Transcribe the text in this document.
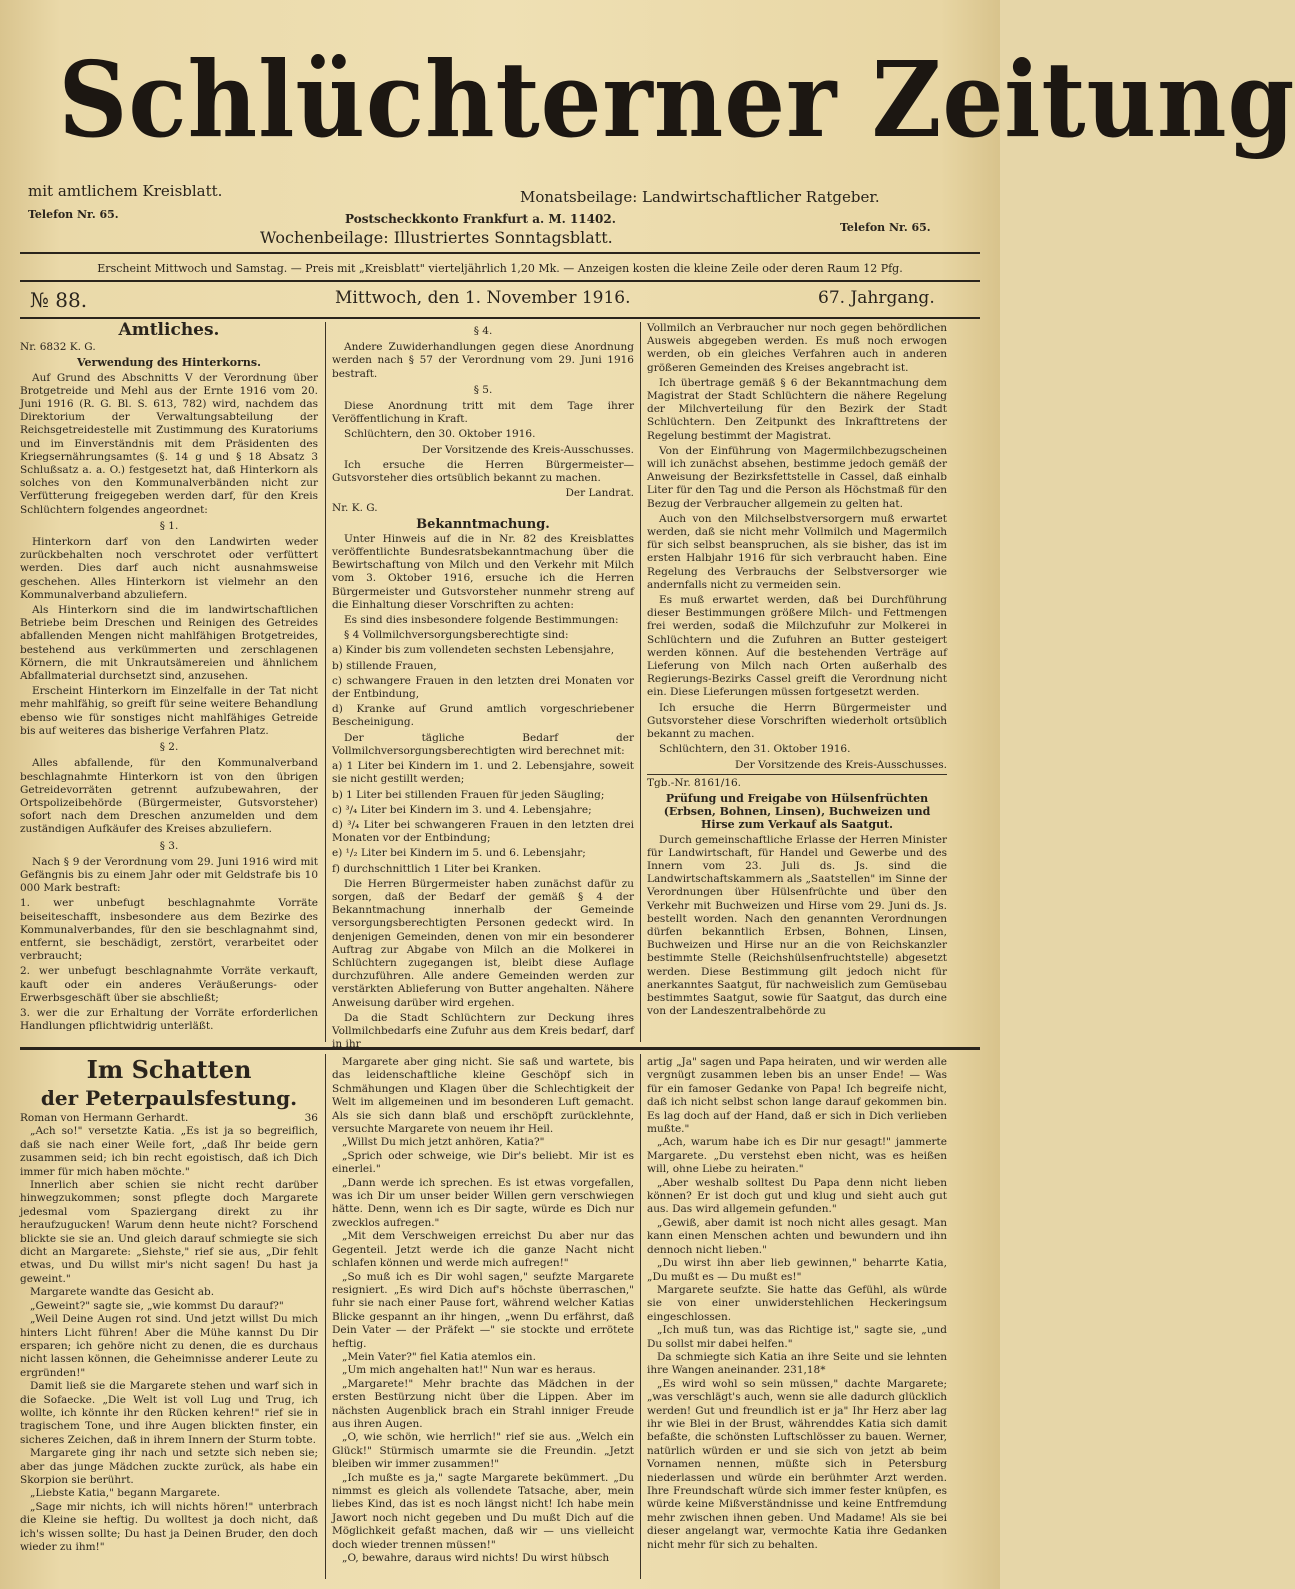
Schlüchterner Zeitung
mit amtlichem Kreisblatt.
Telefon Nr. 65.
Monatsbeilage: Landwirtschaftlicher Ratgeber.
Postscheckkonto Frankfurt a. M. 11402.
Telefon Nr. 65.
Wochenbeilage: Illustriertes Sonntagsblatt.
Erscheint Mittwoch und Samstag. — Preis mit „Kreisblatt" vierteljährlich 1,20 Mk. — Anzeigen kosten die kleine Zeile oder deren Raum 12 Pfg.
№ 88.	Mittwoch, den 1. November 1916.	67. Jahrgang.

Amtliches.

Nr. 6832 K. G.

Verwendung des Hinterkorns.

Auf Grund des Abschnitts V der Verordnung über Brotgetreide und Mehl aus der Ernte 1916 vom 20. Juni 1916 (R. G. Bl. S. 613, 782) wird, nachdem das Direktorium der Verwaltungsabteilung der Reichsgetreidestelle mit Zustimmung des Kuratoriums und im Einverständnis mit dem Präsidenten des Kriegsernährungsamtes (§. 14 g und § 18 Absatz 3 Schlußsatz a. a. O.) festgesetzt hat, daß Hinterkorn als solches von den Kommunalverbänden nicht zur Verfütterung freigegeben werden darf, für den Kreis Schlüchtern folgendes angeordnet:

§ 1.

Hinterkorn darf von den Landwirten weder zurückbehalten noch verschrotet oder verfüttert werden. Dies darf auch nicht ausnahmsweise geschehen. Alles Hinterkorn ist vielmehr an den Kommunalverband abzuliefern.

Als Hinterkorn sind die im landwirtschaftlichen Betriebe beim Dreschen und Reinigen des Getreides abfallenden Mengen nicht mahlfähigen Brotgetreides, bestehend aus verkümmerten und zerschlagenen Körnern, die mit Unkrautsämereien und ähnlichem Abfallmaterial durchsetzt sind, anzusehen.

Erscheint Hinterkorn im Einzelfalle in der Tat nicht mehr mahlfähig, so greift für seine weitere Behandlung ebenso wie für sonstiges nicht mahlfähiges Getreide bis auf weiteres das bisherige Verfahren Platz.

§ 2.

Alles abfallende, für den Kommunalverband beschlagnahmte Hinterkorn ist von den übrigen Getreidevorräten getrennt aufzubewahren, der Ortspolizeibehörde (Bürgermeister, Gutsvorsteher) sofort nach dem Dreschen anzumelden und dem zuständigen Aufkäufer des Kreises abzuliefern.

§ 3.

Nach § 9 der Verordnung vom 29. Juni 1916 wird mit Gefängnis bis zu einem Jahr oder mit Geldstrafe bis 10 000 Mark bestraft:

1. wer unbefugt beschlagnahmte Vorräte beiseiteschafft, insbesondere aus dem Bezirke des Kommunalverbandes, für den sie beschlagnahmt sind, entfernt, sie beschädigt, zerstört, verarbeitet oder verbraucht;

2. wer unbefugt beschlagnahmte Vorräte verkauft, kauft oder ein anderes Veräußerungs- oder Erwerbsgeschäft über sie abschließt;

3. wer die zur Erhaltung der Vorräte erforderlichen Handlungen pflichtwidrig unterläßt.

§ 4.

Andere Zuwiderhandlungen gegen diese Anordnung werden nach § 57 der Verordnung vom 29. Juni 1916 bestraft.

§ 5.

Diese Anordnung tritt mit dem Tage ihrer Veröffentlichung in Kraft.

Schlüchtern, den 30. Oktober 1916.

Der Vorsitzende des Kreis-Ausschusses.

Ich ersuche die Herren Bürgermeister—Gutsvorsteher dies ortsüblich bekannt zu machen.

Der Landrat.

Nr. K. G.

Bekanntmachung.

Unter Hinweis auf die in Nr. 82 des Kreisblattes veröffentlichte Bundesratsbekanntmachung über die Bewirtschaftung von Milch und den Verkehr mit Milch vom 3. Oktober 1916, ersuche ich die Herren Bürgermeister und Gutsvorsteher nunmehr streng auf die Einhaltung dieser Vorschriften zu achten:

Es sind dies insbesondere folgende Bestimmungen:

§ 4 Vollmilchversorgungsberechtigte sind:

a) Kinder bis zum vollendeten sechsten Lebensjahre,

b) stillende Frauen,

c) schwangere Frauen in den letzten drei Monaten vor der Entbindung,

d) Kranke auf Grund amtlich vorgeschriebener Bescheinigung.

Der tägliche Bedarf der Vollmilchversorgungsberechtigten wird berechnet mit:

a) 1 Liter bei Kindern im 1. und 2. Lebensjahre, soweit sie nicht gestillt werden;

b) 1 Liter bei stillenden Frauen für jeden Säugling;

c) ³/₄ Liter bei Kindern im 3. und 4. Lebensjahre;

d) ³/₄ Liter bei schwangeren Frauen in den letzten drei Monaten vor der Entbindung;

e) ¹/₂ Liter bei Kindern im 5. und 6. Lebensjahr;

f) durchschnittlich 1 Liter bei Kranken.

Die Herren Bürgermeister haben zunächst dafür zu sorgen, daß der Bedarf der gemäß § 4 der Bekanntmachung innerhalb der Gemeinde versorgungsberechtigten Personen gedeckt wird. In denjenigen Gemeinden, denen von mir ein besonderer Auftrag zur Abgabe von Milch an die Molkerei in Schlüchtern zugegangen ist, bleibt diese Auflage durchzuführen. Alle andere Gemeinden werden zur verstärkten Ablieferung von Butter angehalten. Nähere Anweisung darüber wird ergehen.

Da die Stadt Schlüchtern zur Deckung ihres Vollmilchbedarfs eine Zufuhr aus dem Kreis bedarf, darf in ihr

Vollmilch an Verbraucher nur noch gegen behördlichen Ausweis abgegeben werden. Es muß noch erwogen werden, ob ein gleiches Verfahren auch in anderen größeren Gemeinden des Kreises angebracht ist.

Ich übertrage gemäß § 6 der Bekanntmachung dem Magistrat der Stadt Schlüchtern die nähere Regelung der Milchverteilung für den Bezirk der Stadt Schlüchtern. Den Zeitpunkt des Inkrafttretens der Regelung bestimmt der Magistrat.

Von der Einführung von Magermilchbezugscheinen will ich zunächst absehen, bestimme jedoch gemäß der Anweisung der Bezirksfettstelle in Cassel, daß einhalb Liter für den Tag und die Person als Höchstmaß für den Bezug der Verbraucher allgemein zu gelten hat.

Auch von den Milchselbstversorgern muß erwartet werden, daß sie nicht mehr Vollmilch und Magermilch für sich selbst beanspruchen, als sie bisher, das ist im ersten Halbjahr 1916 für sich verbraucht haben. Eine Regelung des Verbrauchs der Selbstversorger wie andernfalls nicht zu vermeiden sein.

Es muß erwartet werden, daß bei Durchführung dieser Bestimmungen größere Milch- und Fettmengen frei werden, sodaß die Milchzufuhr zur Molkerei in Schlüchtern und die Zufuhren an Butter gesteigert werden können. Auf die bestehenden Verträge auf Lieferung von Milch nach Orten außerhalb des Regierungs-Bezirks Cassel greift die Verordnung nicht ein. Diese Lieferungen müssen fortgesetzt werden.

Ich ersuche die Herrn Bürgermeister und Gutsvorsteher diese Vorschriften wiederholt ortsüblich bekannt zu machen.

Schlüchtern, den 31. Oktober 1916.

Der Vorsitzende des Kreis-Ausschusses.

Tgb.-Nr. 8161/16.

Prüfung und Freigabe von Hülsenfrüchten (Erbsen, Bohnen, Linsen), Buchweizen und Hirse zum Verkauf als Saatgut.

Durch gemeinschaftliche Erlasse der Herren Minister für Landwirtschaft, für Handel und Gewerbe und des Innern vom 23. Juli ds. Js. sind die Landwirtschaftskammern als „Saatstellen" im Sinne der Verordnungen über Hülsenfrüchte und über den Verkehr mit Buchweizen und Hirse vom 29. Juni ds. Js. bestellt worden. Nach den genannten Verordnungen dürfen bekanntlich Erbsen, Bohnen, Linsen, Buchweizen und Hirse nur an die von Reichskanzler bestimmte Stelle (Reichshülsenfruchtstelle) abgesetzt werden. Diese Bestimmung gilt jedoch nicht für anerkanntes Saatgut, für nachweislich zum Gemüsebau bestimmtes Saatgut, sowie für Saatgut, das durch eine von der Landeszentralbehörde zu

Im Schatten

der Peterpaulsfestung.

Roman von Hermann Gerhardt.	36

„Ach so!" versetzte Katia. „Es ist ja so begreiflich, daß sie nach einer Weile fort, „daß Ihr beide gern zusammen seid; ich bin recht egoistisch, daß ich Dich immer für mich haben möchte."

Innerlich aber schien sie nicht recht darüber hinwegzukommen; sonst pflegte doch Margarete jedesmal vom Spaziergang direkt zu ihr heraufzugucken! Warum denn heute nicht? Forschend blickte sie sie an. Und gleich darauf schmiegte sie sich dicht an Margarete: „Siehste," rief sie aus, „Dir fehlt etwas, und Du willst mir's nicht sagen! Du hast ja geweint."

Margarete wandte das Gesicht ab.

„Geweint?" sagte sie, „wie kommst Du darauf?"

„Weil Deine Augen rot sind. Und jetzt willst Du mich hinters Licht führen! Aber die Mühe kannst Du Dir ersparen; ich gehöre nicht zu denen, die es durchaus nicht lassen können, die Geheimnisse anderer Leute zu ergründen!"

Damit ließ sie die Margarete stehen und warf sich in die Sofaecke. „Die Welt ist voll Lug und Trug, ich wollte, ich könnte ihr den Rücken kehren!" rief sie in tragischem Tone, und ihre Augen blickten finster, ein sicheres Zeichen, daß in ihrem Innern der Sturm tobte.

Margarete ging ihr nach und setzte sich neben sie; aber das junge Mädchen zuckte zurück, als habe ein Skorpion sie berührt.

„Liebste Katia," begann Margarete.

„Sage mir nichts, ich will nichts hören!" unterbrach die Kleine sie heftig. Du wolltest ja doch nicht, daß ich's wissen sollte; Du hast ja Deinen Bruder, den doch wieder zu ihm!"

Margarete aber ging nicht. Sie saß und wartete, bis das leidenschaftliche kleine Geschöpf sich in Schmähungen und Klagen über die Schlechtigkeit der Welt im allgemeinen und im besonderen Luft gemacht. Als sie sich dann blaß und erschöpft zurücklehnte, versuchte Margarete von neuem ihr Heil.

„Willst Du mich jetzt anhören, Katia?"

„Sprich oder schweige, wie Dir's beliebt. Mir ist es einerlei."

„Dann werde ich sprechen. Es ist etwas vorgefallen, was ich Dir um unser beider Willen gern verschwiegen hätte. Denn, wenn ich es Dir sagte, würde es Dich nur zwecklos aufregen."

„Mit dem Verschweigen erreichst Du aber nur das Gegenteil. Jetzt werde ich die ganze Nacht nicht schlafen können und werde mich aufregen!"

„So muß ich es Dir wohl sagen," seufzte Margarete resigniert. „Es wird Dich auf's höchste überraschen," fuhr sie nach einer Pause fort, während welcher Katias Blicke gespannt an ihr hingen, „wenn Du erfährst, daß Dein Vater — der Präfekt —" sie stockte und errötete heftig.

„Mein Vater?" fiel Katia atemlos ein.

„Um mich angehalten hat!" Nun war es heraus.

„Margarete!" Mehr brachte das Mädchen in der ersten Bestürzung nicht über die Lippen. Aber im nächsten Augenblick brach ein Strahl inniger Freude aus ihren Augen.

„O, wie schön, wie herrlich!" rief sie aus. „Welch ein Glück!" Stürmisch umarmte sie die Freundin. „Jetzt bleiben wir immer zusammen!"

„Ich mußte es ja," sagte Margarete bekümmert. „Du nimmst es gleich als vollendete Tatsache, aber, mein liebes Kind, das ist es noch längst nicht! Ich habe mein Jawort noch nicht gegeben und Du mußt Dich auf die Möglichkeit gefaßt machen, daß wir — uns vielleicht doch wieder trennen müssen!"

„O, bewahre, daraus wird nichts! Du wirst hübsch

artig „Ja" sagen und Papa heiraten, und wir werden alle vergnügt zusammen leben bis an unser Ende! — Was für ein famoser Gedanke von Papa! Ich begreife nicht, daß ich nicht selbst schon lange darauf gekommen bin. Es lag doch auf der Hand, daß er sich in Dich verlieben mußte."

„Ach, warum habe ich es Dir nur gesagt!" jammerte Margarete. „Du verstehst eben nicht, was es heißen will, ohne Liebe zu heiraten."

„Aber weshalb solltest Du Papa denn nicht lieben können? Er ist doch gut und klug und sieht auch gut aus. Das wird allgemein gefunden."

„Gewiß, aber damit ist noch nicht alles gesagt. Man kann einen Menschen achten und bewundern und ihn dennoch nicht lieben."

„Du wirst ihn aber lieb gewinnen," beharrte Katia, „Du mußt es — Du mußt es!"

Margarete seufzte. Sie hatte das Gefühl, als würde sie von einer unwiderstehlichen Heckeringsum eingeschlossen.

„Ich muß tun, was das Richtige ist," sagte sie, „und Du sollst mir dabei helfen."

Da schmiegte sich Katia an ihre Seite und sie lehnten ihre Wangen aneinander. 231,18*

„Es wird wohl so sein müssen," dachte Margarete; „was verschlägt's auch, wenn sie alle dadurch glücklich werden! Gut und freundlich ist er ja" Ihr Herz aber lag ihr wie Blei in der Brust, währenddes Katia sich damit befaßte, die schönsten Luftschlösser zu bauen. Werner, natürlich würden er und sie sich von jetzt ab beim Vornamen nennen, müßte sich in Petersburg niederlassen und würde ein berühmter Arzt werden. Ihre Freundschaft würde sich immer fester knüpfen, es würde keine Mißverständnisse und keine Entfremdung mehr zwischen ihnen geben. Und Madame! Als sie bei dieser angelangt war, vermochte Katia ihre Gedanken nicht mehr für sich zu behalten.
